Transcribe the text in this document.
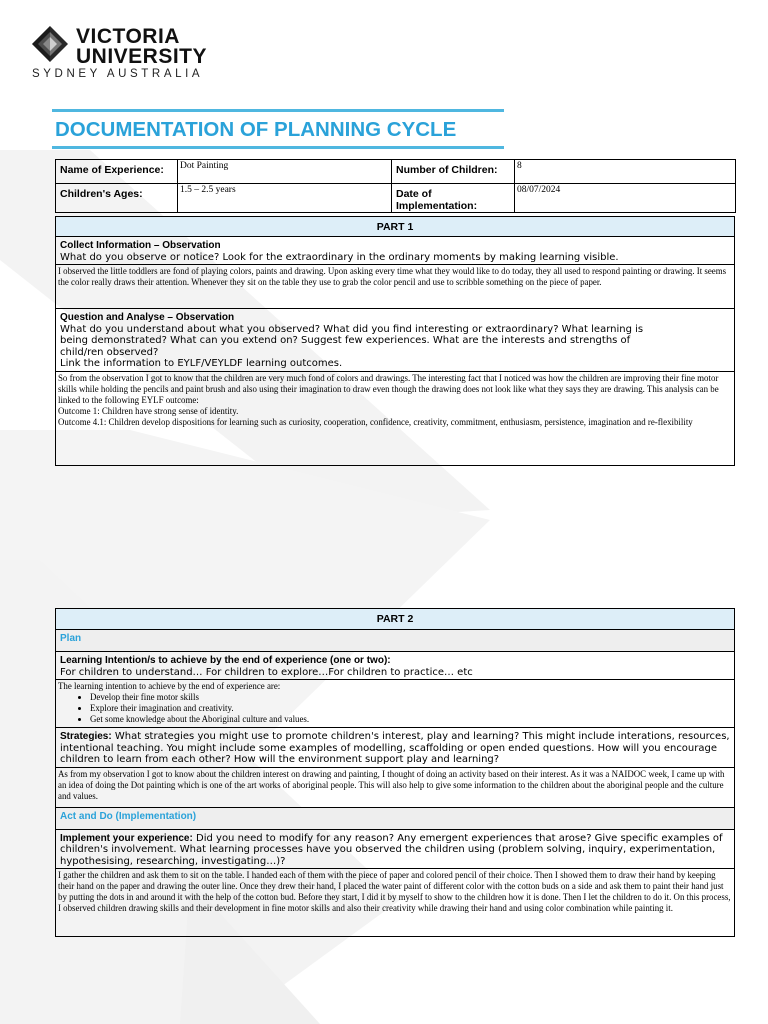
VICTORIA
UNIVERSITY
SYDNEY AUSTRALIA
DOCUMENTATION OF PLANNING CYCLE
Name of Experience:	Dot Painting	Number of Children:	8
Children's Ages:	1.5 – 2.5 years	Date of Implementation:	08/07/2024
PART 1
Collect Information – Observation
What do you observe or notice? Look for the extraordinary in the ordinary moments by making learning visible.
I observed the little toddlers are fond of playing colors, paints and drawing. Upon asking every time what they would like to do today, they all used to respond painting or drawing. It seems the color really draws their attention. Whenever they sit on the table they use to grab the color pencil and use to scribble something on the piece of paper.
Question and Analyse – Observation
What do you understand about what you observed? What did you find interesting or extraordinary? What learning is
being demonstrated? What can you extend on? Suggest few experiences. What are the interests and strengths of
child/ren observed?
Link the information to EYLF/VEYLDF learning outcomes.

So from the observation I got to know that the children are very much fond of colors and drawings. The interesting fact that I noticed was how the children are improving their fine motor skills while holding the pencils and paint brush and also using their imagination to draw even though the drawing does not look like what they says they are drawing. This analysis can be linked to the following EYLF outcome:
Outcome 1: Children have strong sense of identity.
Outcome 4.1: Children develop dispositions for learning such as curiosity, cooperation, confidence, creativity, commitment, enthusiasm, persistence, imagination and re-flexibility
PART 2
Plan
Learning Intention/s to achieve by the end of experience (one or two):
For children to understand… For children to explore…For children to practice… etc

The learning intention to achieve by the end of experience are:
• Develop their fine motor skills
• Explore their imagination and creativity.
• Get some knowledge about the Aboriginal culture and values.

Strategies: What strategies you might use to promote children's interest, play and learning? This might include interations, resources, intentional teaching. You might include some examples of modelling, scaffolding or open ended questions. How will you encourage children to learn from each other? How will the environment support play and learning?
As from my observation I got to know about the children interest on drawing and painting, I thought of doing an activity based on their interest. As it was a NAIDOC week, I came up with an idea of doing the Dot painting which is one of the art works of aboriginal people. This will also help to give some information to the children about the aboriginal people and the culture and values.
Act and Do (Implementation)
Implement your experience: Did you need to modify for any reason? Any emergent experiences that arose? Give specific examples of children's involvement. What learning processes have you observed the children using (problem solving, inquiry, experimentation, hypothesising, researching, investigating…)?
I gather the children and ask them to sit on the table. I handed each of them with the piece of paper and colored pencil of their choice. Then I showed them to draw their hand by keeping their hand on the paper and drawing the outer line. Once they drew their hand, I placed the water paint of different color with the cotton buds on a side and ask them to paint their hand just by putting the dots in and around it with the help of the cotton bud. Before they start, I did it by myself to show to the children how it is done. Then I let the children to do it. On this process, I observed children drawing skills and their development in fine motor skills and also their creativity while drawing their hand and using color combination while painting it.
